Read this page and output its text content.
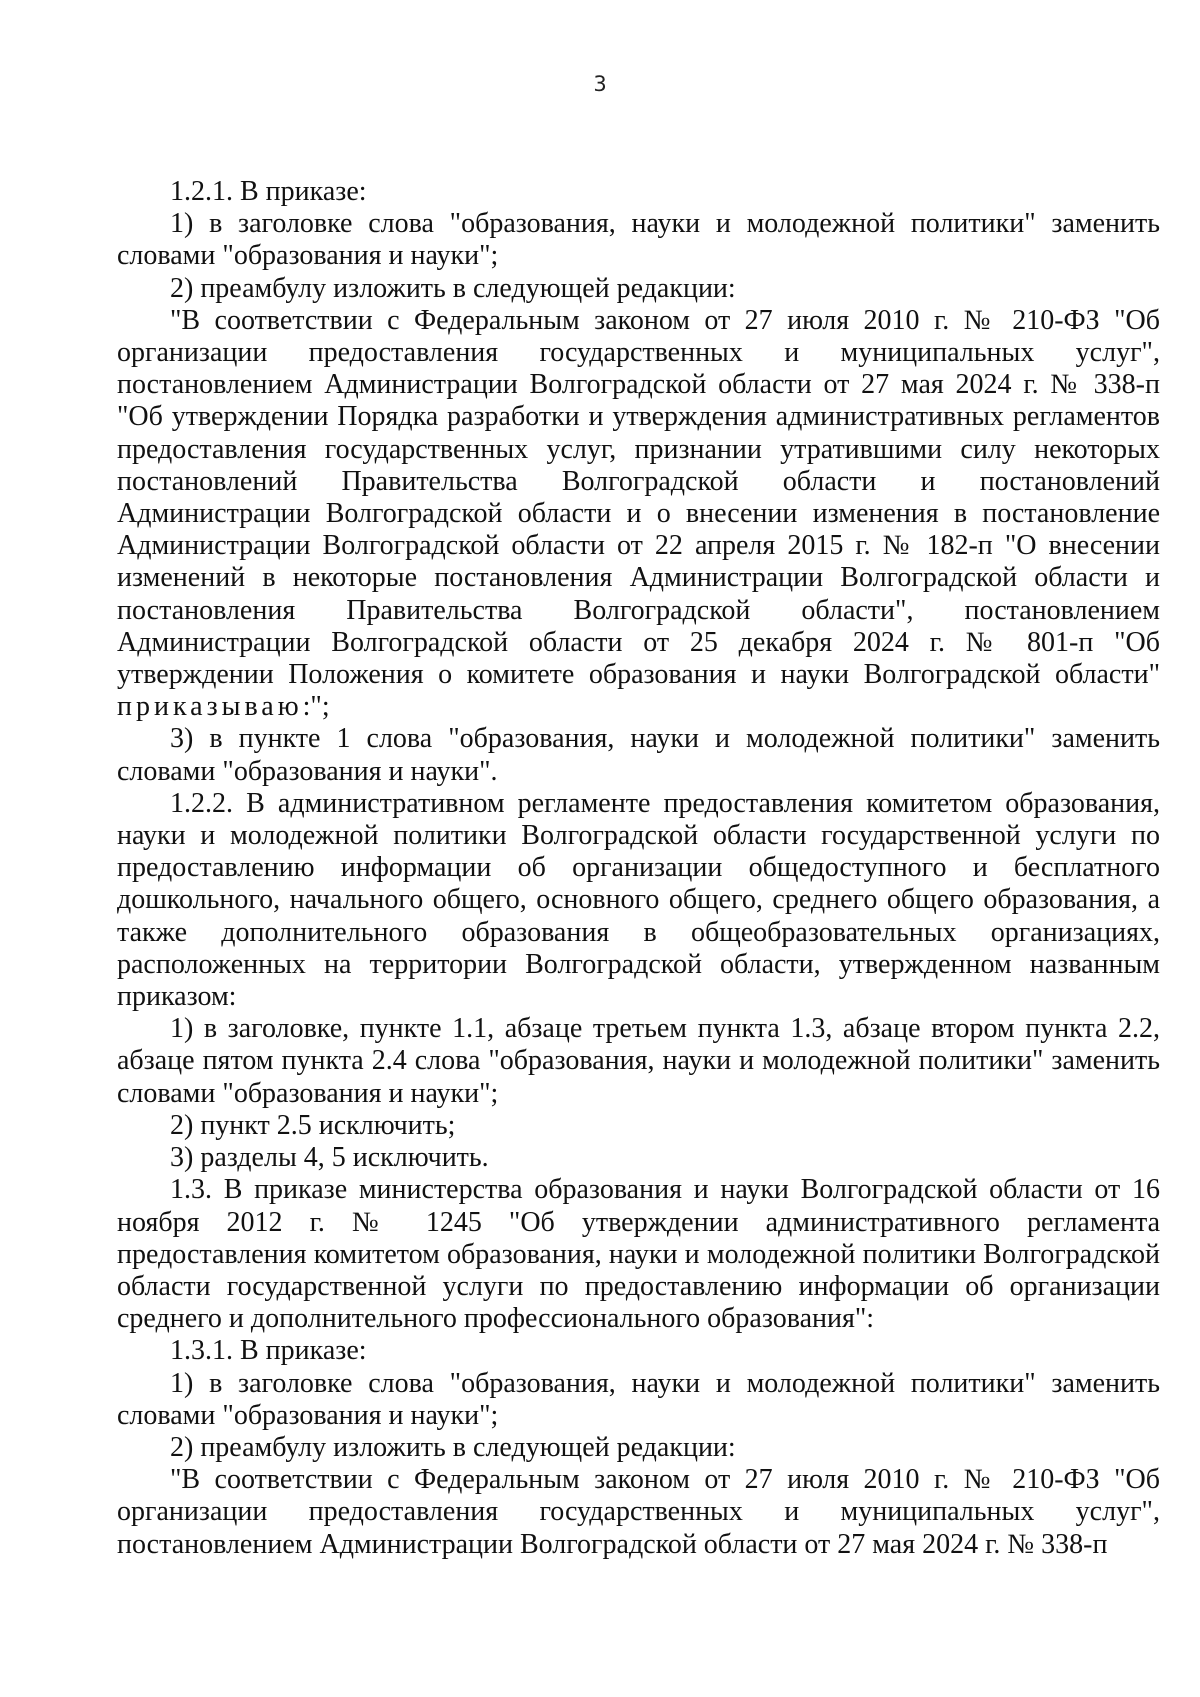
3

1.2.1. В приказе:

1) в заголовке слова "образования, науки и молодежной политики" заменить словами "образования и науки";

2) преамбулу изложить в следующей редакции:

"В соответствии с Федеральным законом от 27 июля 2010 г. № 210-ФЗ "Об организации предоставления государственных и муниципальных услуг", постановлением Администрации Волгоградской области от 27 мая 2024 г. № 338-п "Об утверждении Порядка разработки и утверждения административных регламентов предоставления государственных услуг, признании утратившими силу некоторых постановлений Правительства Волгоградской области и постановлений Администрации Волгоградской области и о внесении изменения в постановление Администрации Волгоградской области от 22 апреля 2015 г. № 182-п "О внесении изменений в некоторые постановления Администрации Волгоградской области и постановления Правительства Волгоградской области", постановлением Администрации Волгоградской области от 25 декабря 2024 г. № 801-п "Об утверждении Положения о комитете образования и науки Волгоградской области" приказываю:";

3) в пункте 1 слова "образования, науки и молодежной политики" заменить словами "образования и науки".

1.2.2. В административном регламенте предоставления комитетом образования, науки и молодежной политики Волгоградской области государственной услуги по предоставлению информации об организации общедоступного и бесплатного дошкольного, начального общего, основного общего, среднего общего образования, а также дополнительного образования в общеобразовательных организациях, расположенных на территории Волгоградской области, утвержденном названным приказом:

1) в заголовке, пункте 1.1, абзаце третьем пункта 1.3, абзаце втором пункта 2.2, абзаце пятом пункта 2.4 слова "образования, науки и молодежной политики" заменить словами "образования и науки";

2) пункт 2.5 исключить;

3) разделы 4, 5 исключить.

1.3. В приказе министерства образования и науки Волгоградской области от 16 ноября 2012 г. № 1245 "Об утверждении административного регламента предоставления комитетом образования, науки и молодежной политики Волгоградской области государственной услуги по предоставлению информации об организации среднего и дополнительного профессионального образования":

1.3.1. В приказе:

1) в заголовке слова "образования, науки и молодежной политики" заменить словами "образования и науки";

2) преамбулу изложить в следующей редакции:

"В соответствии с Федеральным законом от 27 июля 2010 г. № 210-ФЗ "Об организации предоставления государственных и муниципальных услуг", постановлением Администрации Волгоградской области от 27 мая 2024 г. № 338-п
